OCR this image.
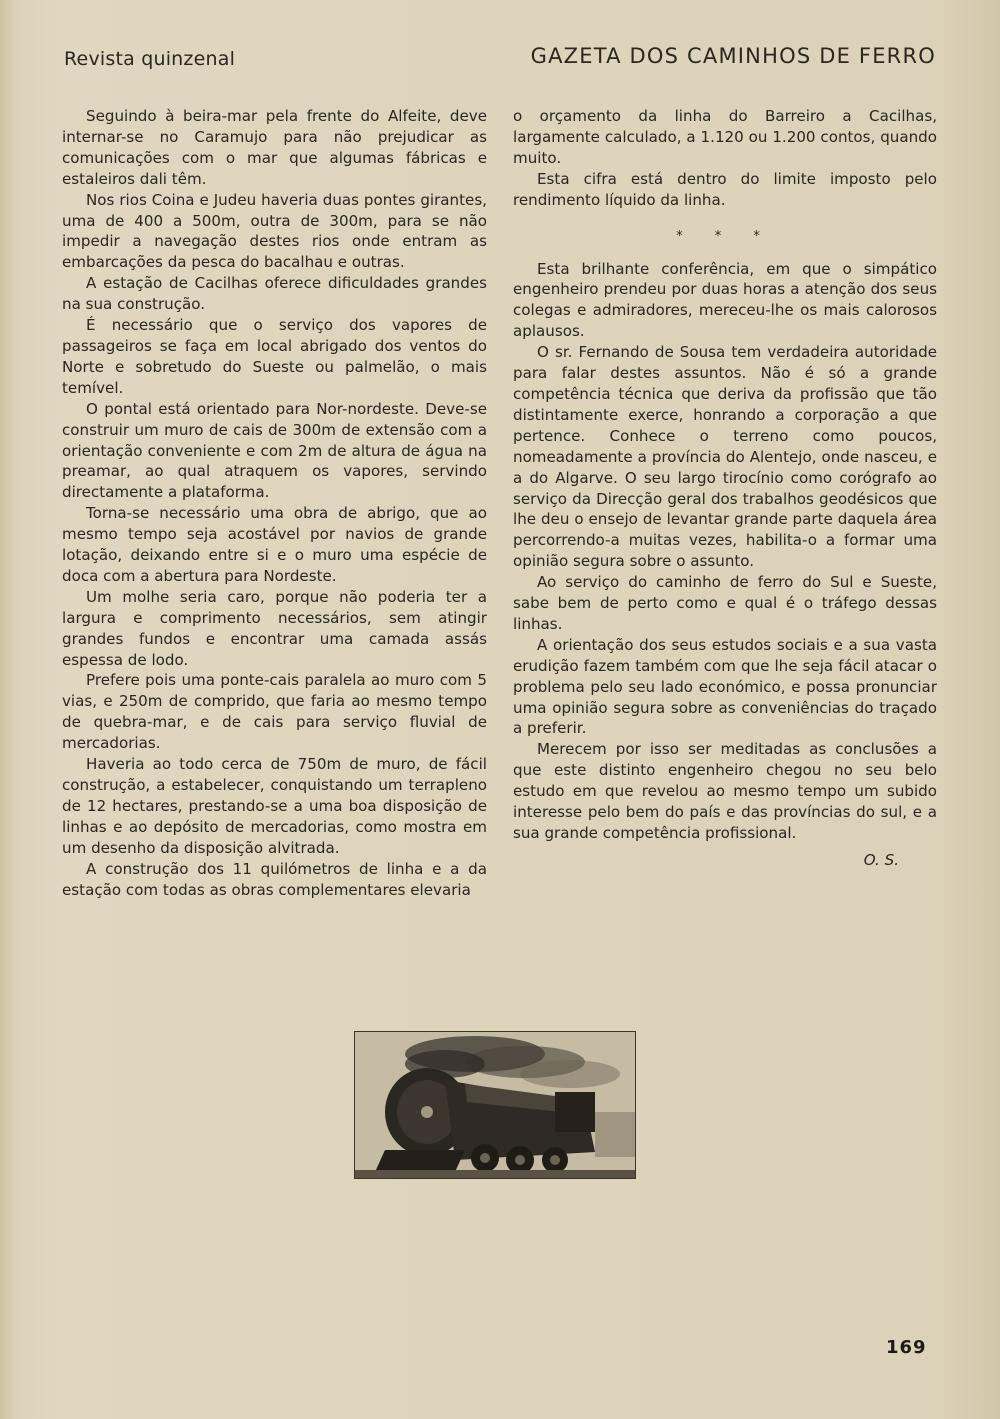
Revista quinzenal	GAZETA DOS CAMINHOS DE FERRO

Seguindo à beira-mar pela frente do Alfeite, deve internar-se no Caramujo para não prejudicar as comunicações com o mar que algumas fábricas e estaleiros dali têm.

Nos rios Coina e Judeu haveria duas pontes girantes, uma de 400 a 500m, outra de 300m, para se não impedir a navegação destes rios onde entram as embarcações da pesca do bacalhau e outras.

A estação de Cacilhas oferece dificuldades grandes na sua construção.

É necessário que o serviço dos vapores de passageiros se faça em local abrigado dos ventos do Norte e sobretudo do Sueste ou palmelão, o mais temível.

O pontal está orientado para Nor-nordeste. Deve-se construir um muro de cais de 300m de extensão com a orientação conveniente e com 2m de altura de água na preamar, ao qual atraquem os vapores, servindo directamente a plataforma.

Torna-se necessário uma obra de abrigo, que ao mesmo tempo seja acostável por navios de grande lotação, deixando entre si e o muro uma espécie de doca com a abertura para Nordeste.

Um molhe seria caro, porque não poderia ter a largura e comprimento necessários, sem atingir grandes fundos e encontrar uma camada assás espessa de lodo.

Prefere pois uma ponte-cais paralela ao muro com 5 vias, e 250m de comprido, que faria ao mesmo tempo de quebra-mar, e de cais para serviço fluvial de mercadorias.

Haveria ao todo cerca de 750m de muro, de fácil construção, a estabelecer, conquistando um terrapleno de 12 hectares, prestando-se a uma boa disposição de linhas e ao depósito de mercadorias, como mostra em um desenho da disposição alvitrada.

A construção dos 11 quilómetros de linha e a da estação com todas as obras complementares elevaria

o orçamento da linha do Barreiro a Cacilhas, largamente calculado, a 1.120 ou 1.200 contos, quando muito.

Esta cifra está dentro do limite imposto pelo rendimento líquido da linha.

* * *

Esta brilhante conferência, em que o simpático engenheiro prendeu por duas horas a atenção dos seus colegas e admiradores, mereceu-lhe os mais calorosos aplausos.

O sr. Fernando de Sousa tem verdadeira autoridade para falar destes assuntos. Não é só a grande competência técnica que deriva da profissão que tão distintamente exerce, honrando a corporação a que pertence. Conhece o terreno como poucos, nomeadamente a província do Alentejo, onde nasceu, e a do Algarve. O seu largo tirocínio como corógrafo ao serviço da Direcção geral dos trabalhos geodésicos que lhe deu o ensejo de levantar grande parte daquela área percorrendo-a muitas vezes, habilita-o a formar uma opinião segura sobre o assunto.

Ao serviço do caminho de ferro do Sul e Sueste, sabe bem de perto como e qual é o tráfego dessas linhas.

A orientação dos seus estudos sociais e a sua vasta erudição fazem também com que lhe seja fácil atacar o problema pelo seu lado económico, e possa pronunciar uma opinião segura sobre as conveniências do traçado a preferir.

Merecem por isso ser meditadas as conclusões a que este distinto engenheiro chegou no seu belo estudo em que revelou ao mesmo tempo um subido interesse pelo bem do país e das províncias do sul, e a sua grande competência profissional.

O. S.
169
